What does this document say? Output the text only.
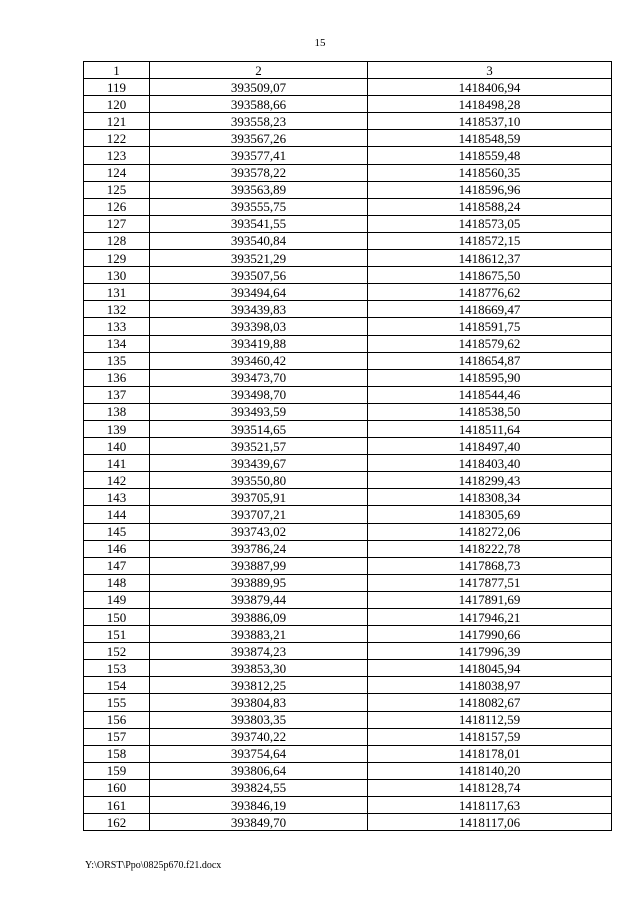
15
1	2	3
119	393509,07	1418406,94
120	393588,66	1418498,28
121	393558,23	1418537,10
122	393567,26	1418548,59
123	393577,41	1418559,48
124	393578,22	1418560,35
125	393563,89	1418596,96
126	393555,75	1418588,24
127	393541,55	1418573,05
128	393540,84	1418572,15
129	393521,29	1418612,37
130	393507,56	1418675,50
131	393494,64	1418776,62
132	393439,83	1418669,47
133	393398,03	1418591,75
134	393419,88	1418579,62
135	393460,42	1418654,87
136	393473,70	1418595,90
137	393498,70	1418544,46
138	393493,59	1418538,50
139	393514,65	1418511,64
140	393521,57	1418497,40
141	393439,67	1418403,40
142	393550,80	1418299,43
143	393705,91	1418308,34
144	393707,21	1418305,69
145	393743,02	1418272,06
146	393786,24	1418222,78
147	393887,99	1417868,73
148	393889,95	1417877,51
149	393879,44	1417891,69
150	393886,09	1417946,21
151	393883,21	1417990,66
152	393874,23	1417996,39
153	393853,30	1418045,94
154	393812,25	1418038,97
155	393804,83	1418082,67
156	393803,35	1418112,59
157	393740,22	1418157,59
158	393754,64	1418178,01
159	393806,64	1418140,20
160	393824,55	1418128,74
161	393846,19	1418117,63
162	393849,70	1418117,06
Y:\ORST\Ppo\0825p670.f21.docx
